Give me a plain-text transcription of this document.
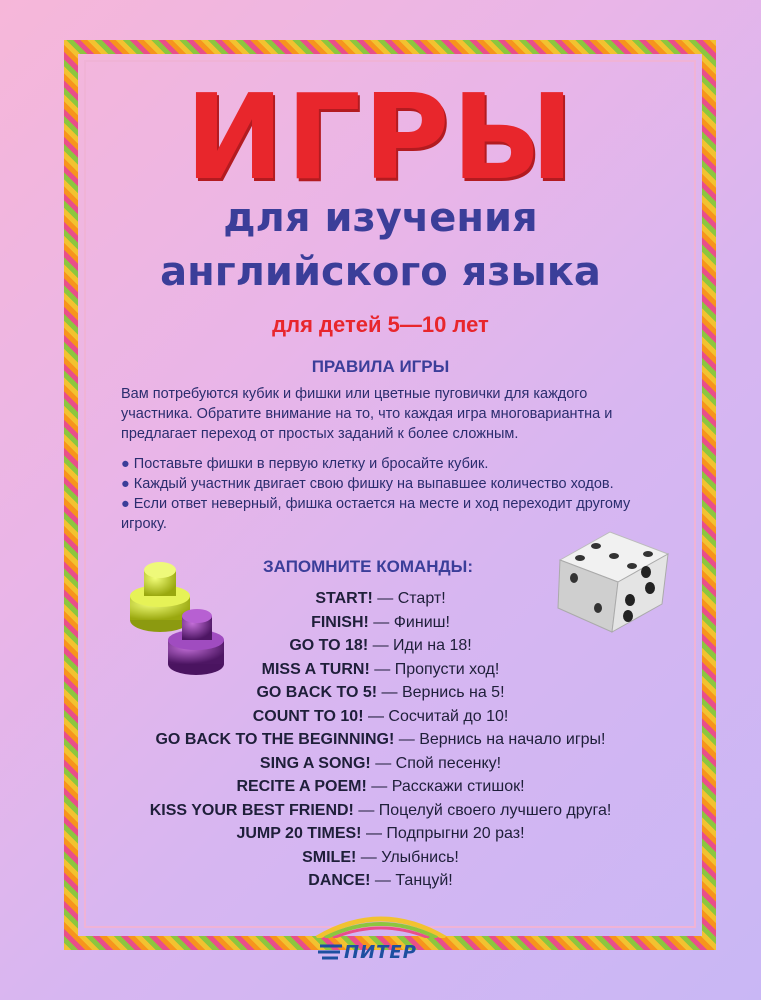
ИГРЫ
для изучения
английского языка
для детей 5—10 лет
ПРАВИЛА ИГРЫ
Вам потребуются кубик и фишки или цветные пуговички для каждого участника. Обратите внимание на то, что каждая игра многовариантна и предлагает переход от простых заданий к более сложным.
● Поставьте фишки в первую клетку и бросайте кубик.
● Каждый участник двигает свою фишку на выпавшее количество ходов.
● Если ответ неверный, фишка остается на месте и ход переходит другому игроку.
ЗАПОМНИТЕ КОМАНДЫ:
START! — Старт!
FINISH! — Финиш!
GO TO 18! — Иди на 18!
MISS A TURN! — Пропусти ход!
GO BACK TO 5! — Вернись на 5!
COUNT TO 10! — Сосчитай до 10!
GO BACK TO THE BEGINNING! — Вернись на начало игры!
SING A SONG! — Спой песенку!
RECITE A POEM! — Расскажи стишок!
KISS YOUR BEST FRIEND! — Поцелуй своего лучшего друга!
JUMP 20 TIMES! — Подпрыгни 20 раз!
SMILE! — Улыбнись!
DANCE! — Танцуй!
ПИТЕР
